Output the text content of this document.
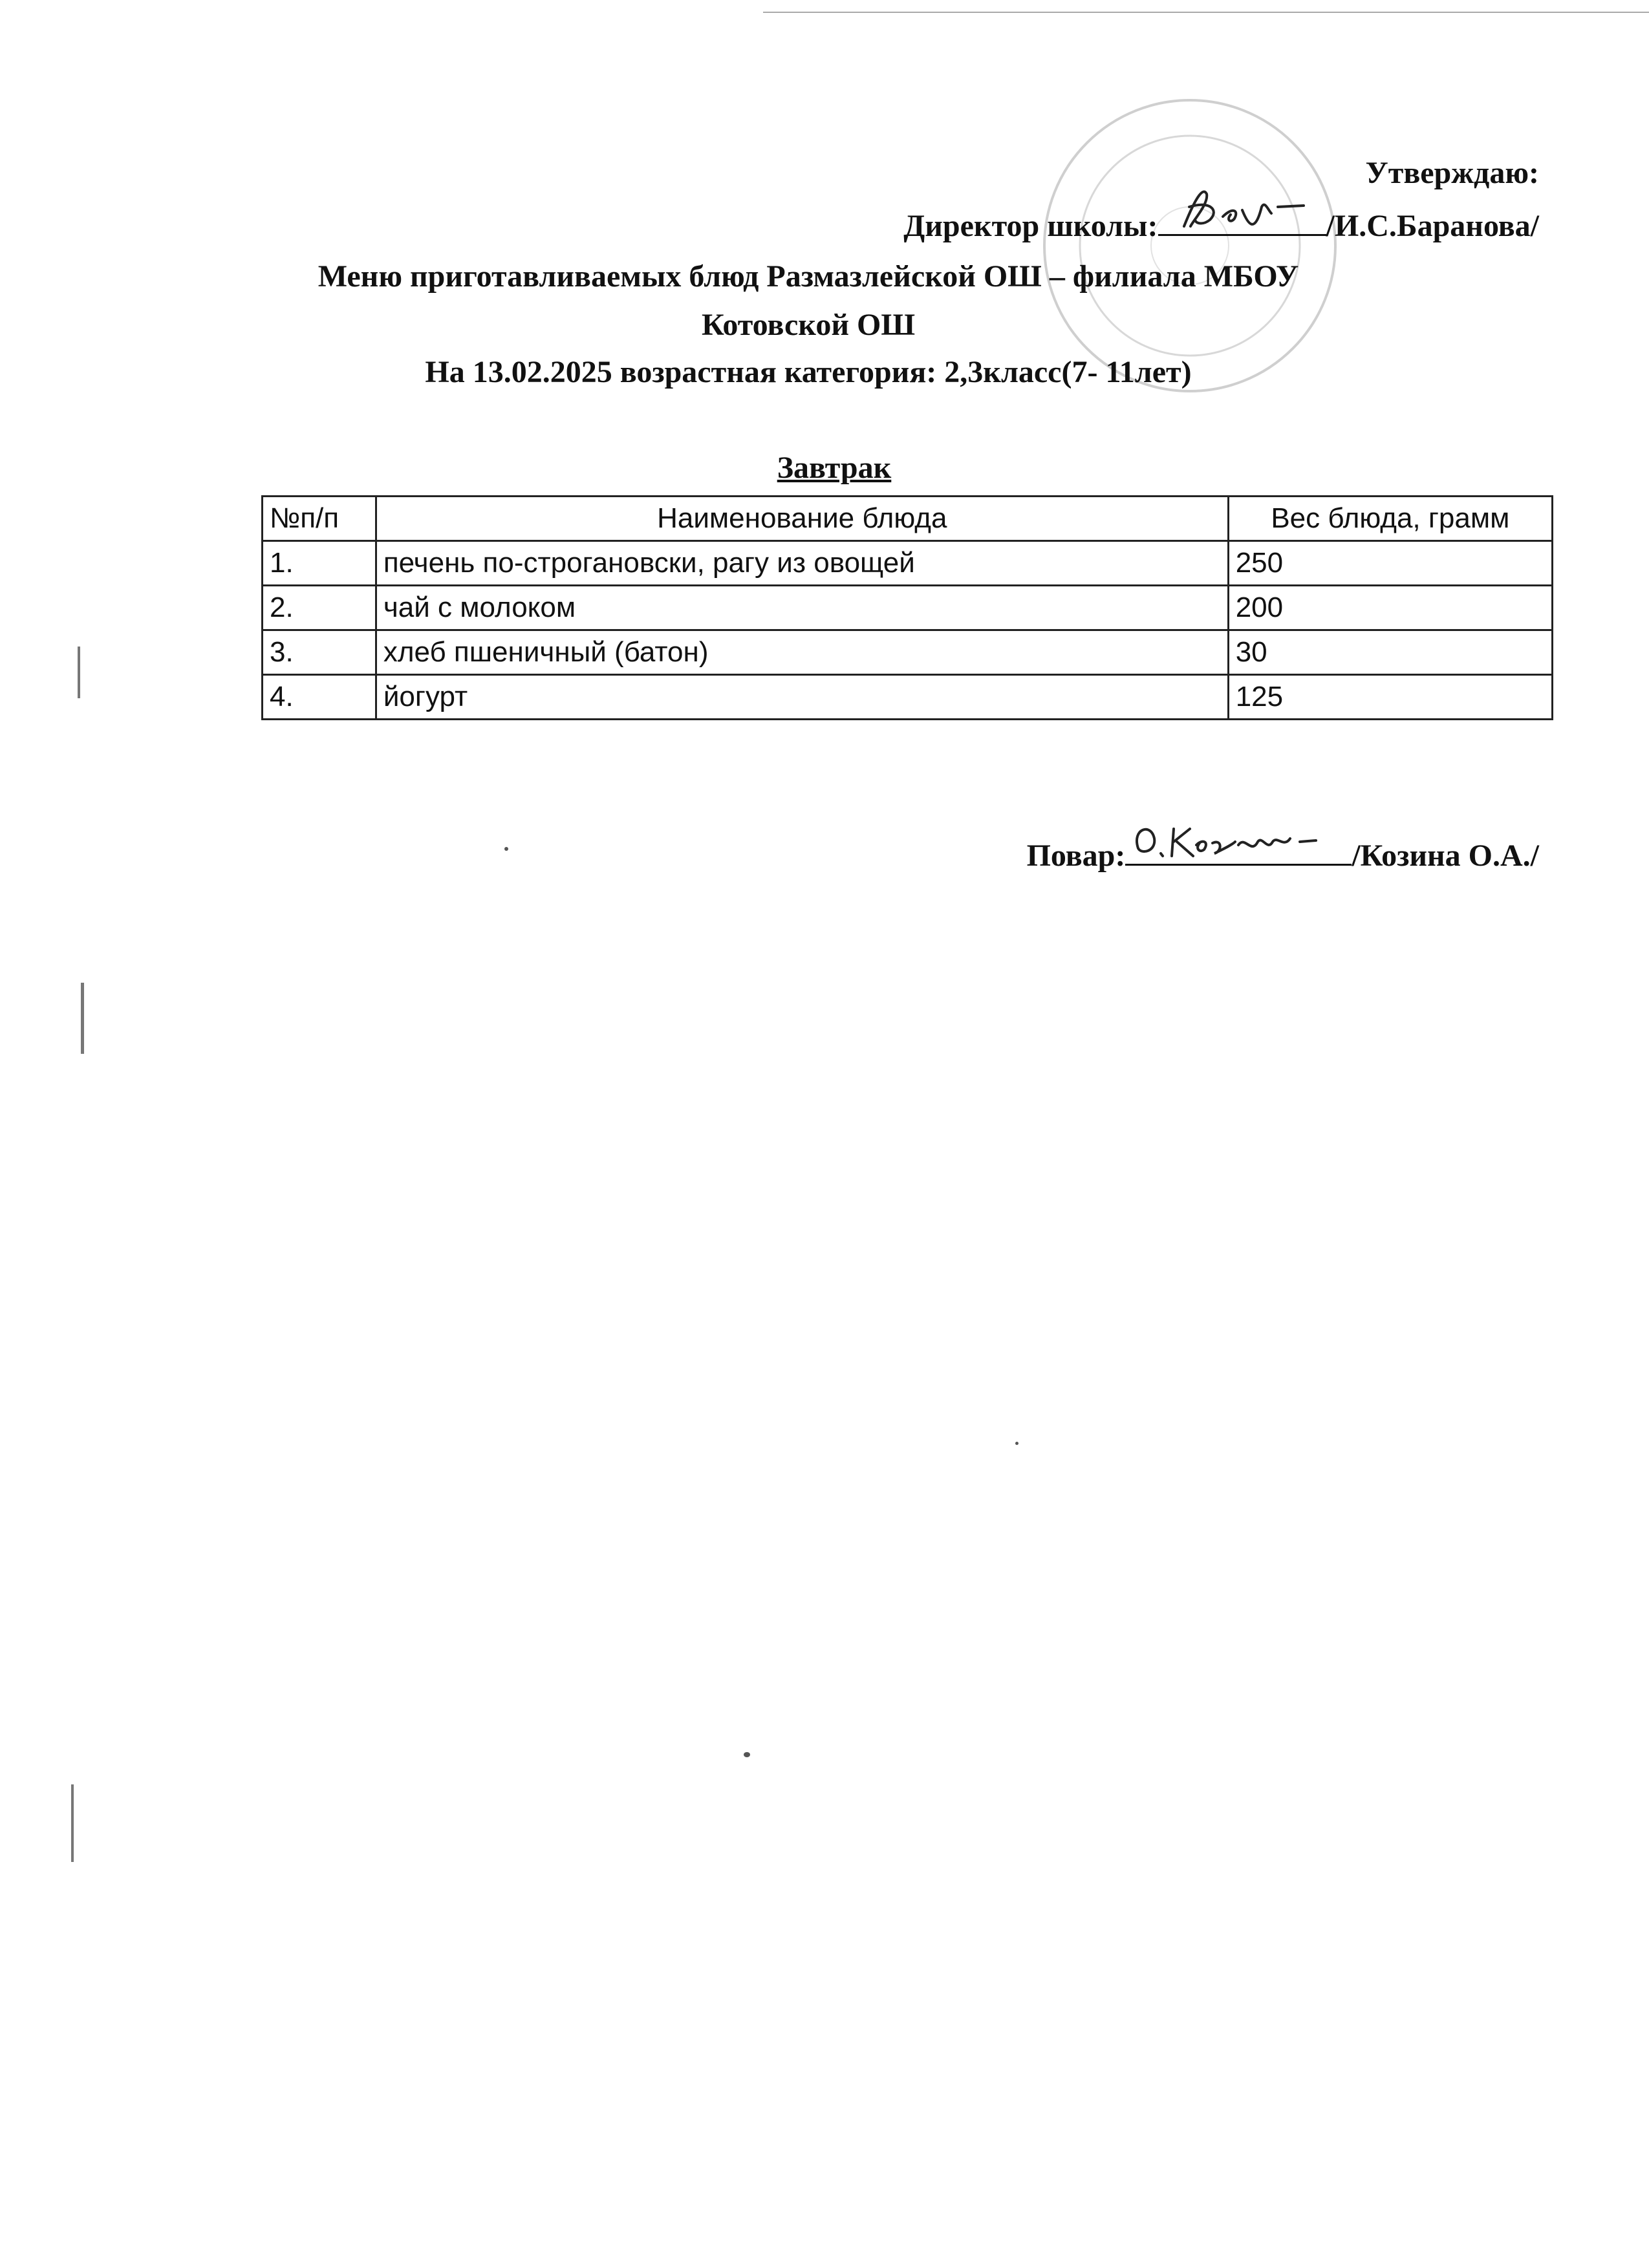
Утверждаю:
Директор школы:	/И.С.Баранова/
Меню приготавливаемых блюд Размазлейской ОШ – филиала МБОУ
Котовской ОШ
На 13.02.2025 возрастная категория: 2,3класс(7- 11лет)
Завтрак
№п/п	Наименование блюда	Вес блюда, грамм
1.	печень по-строгановски, рагу из овощей	250
2.	чай с молоком	200
3.	хлеб пшеничный (батон)	30
4.	йогурт	125
Повар:	/Козина О.А./
